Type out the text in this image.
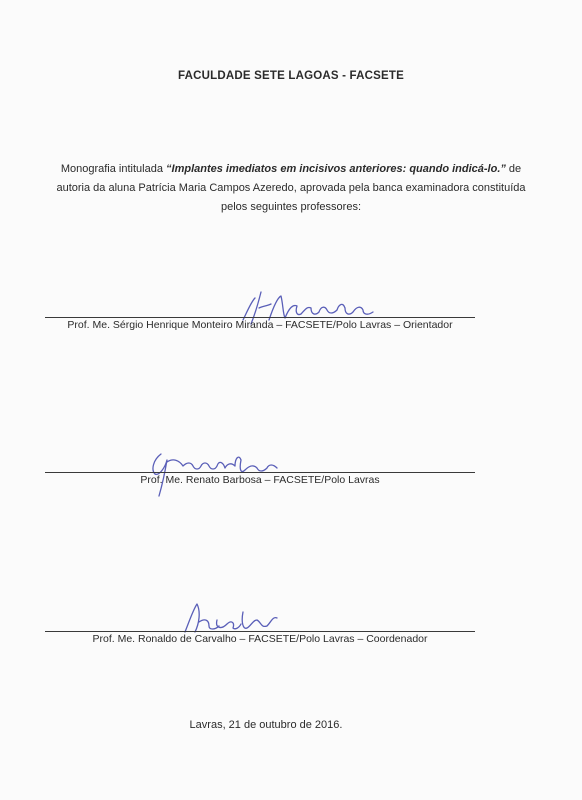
FACULDADE SETE LAGOAS - FACSETE

Monografia intitulada “Implantes imediatos em incisivos anteriores: quando indicá-lo.” de autoria da aluna Patrícia Maria Campos Azeredo, aprovada pela banca examinadora constituída pelos seguintes professores:

Prof. Me. Sérgio Henrique Monteiro Miranda – FACSETE/Polo Lavras – Orientador
Prof. Me. Renato Barbosa – FACSETE/Polo Lavras
Prof. Me. Ronaldo de Carvalho – FACSETE/Polo Lavras – Coordenador
Lavras, 21 de outubro de 2016.
